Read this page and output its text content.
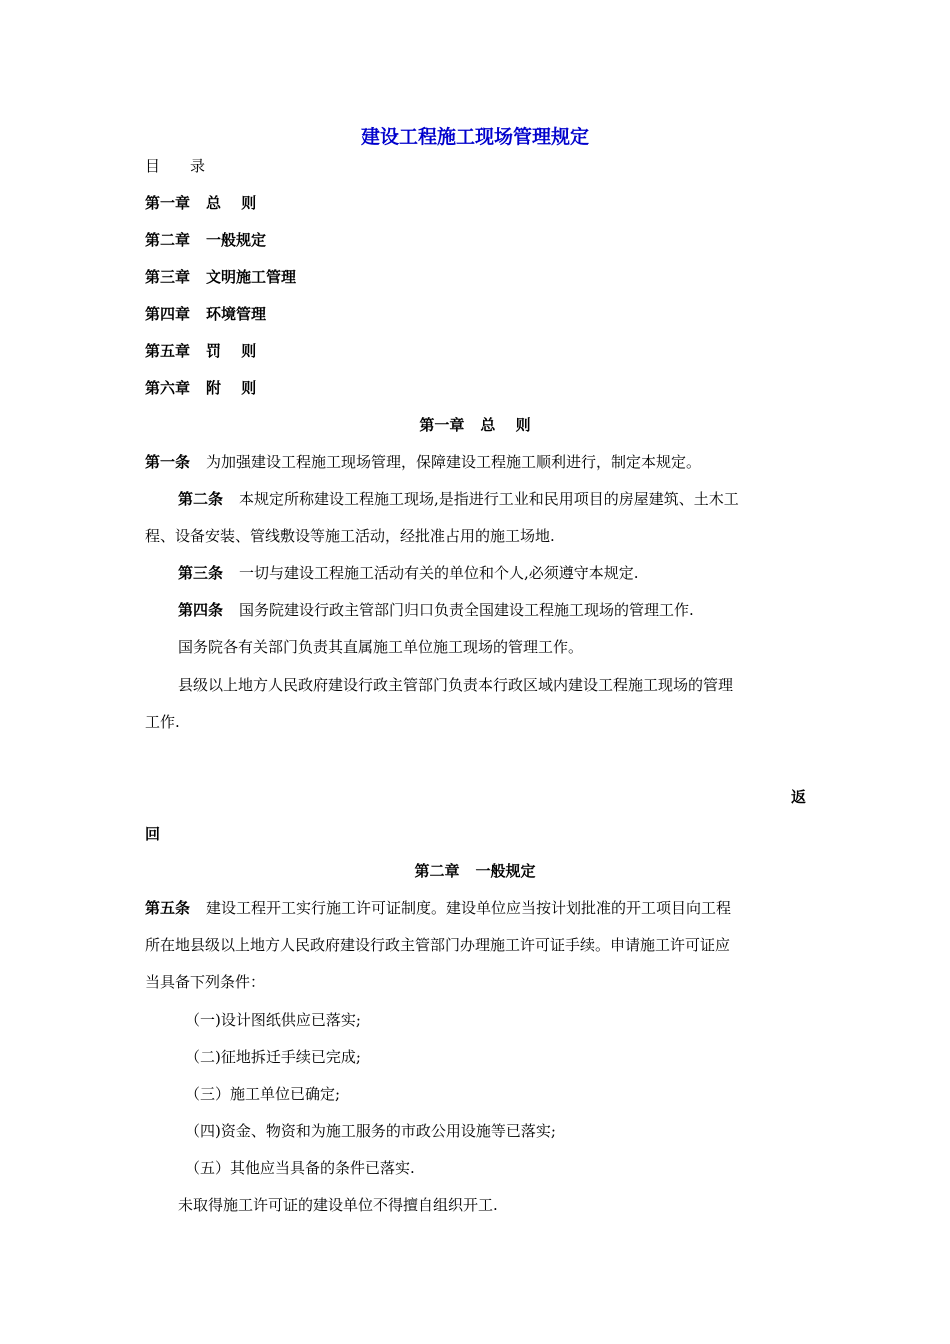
建设工程施工现场管理规定
目　　录
第一章 总　 则
第二章 一般规定
第三章 文明施工管理
第四章 环境管理
第五章 罚　 则
第六章 附　 则
第一章 总　 则
第一条 为加强建设工程施工现场管理，保障建设工程施工顺利进行，制定本规定。
第二条 本规定所称建设工程施工现场,是指进行工业和民用项目的房屋建筑、土木工
程、设备安装、管线敷设等施工活动，经批准占用的施工场地.
第三条 一切与建设工程施工活动有关的单位和个人,必须遵守本规定.
第四条 国务院建设行政主管部门归口负责全国建设工程施工现场的管理工作.
国务院各有关部门负责其直属施工单位施工现场的管理工作。
县级以上地方人民政府建设行政主管部门负责本行政区域内建设工程施工现场的管理
工作.
返
回
第二章 一般规定
第五条 建设工程开工实行施工许可证制度。建设单位应当按计划批准的开工项目向工程
所在地县级以上地方人民政府建设行政主管部门办理施工许可证手续。申请施工许可证应
当具备下列条件：
（一)设计图纸供应已落实;
（二)征地拆迁手续已完成;
（三）施工单位已确定;
（四)资金、物资和为施工服务的市政公用设施等已落实;
（五）其他应当具备的条件已落实.
未取得施工许可证的建设单位不得擅自组织开工.
